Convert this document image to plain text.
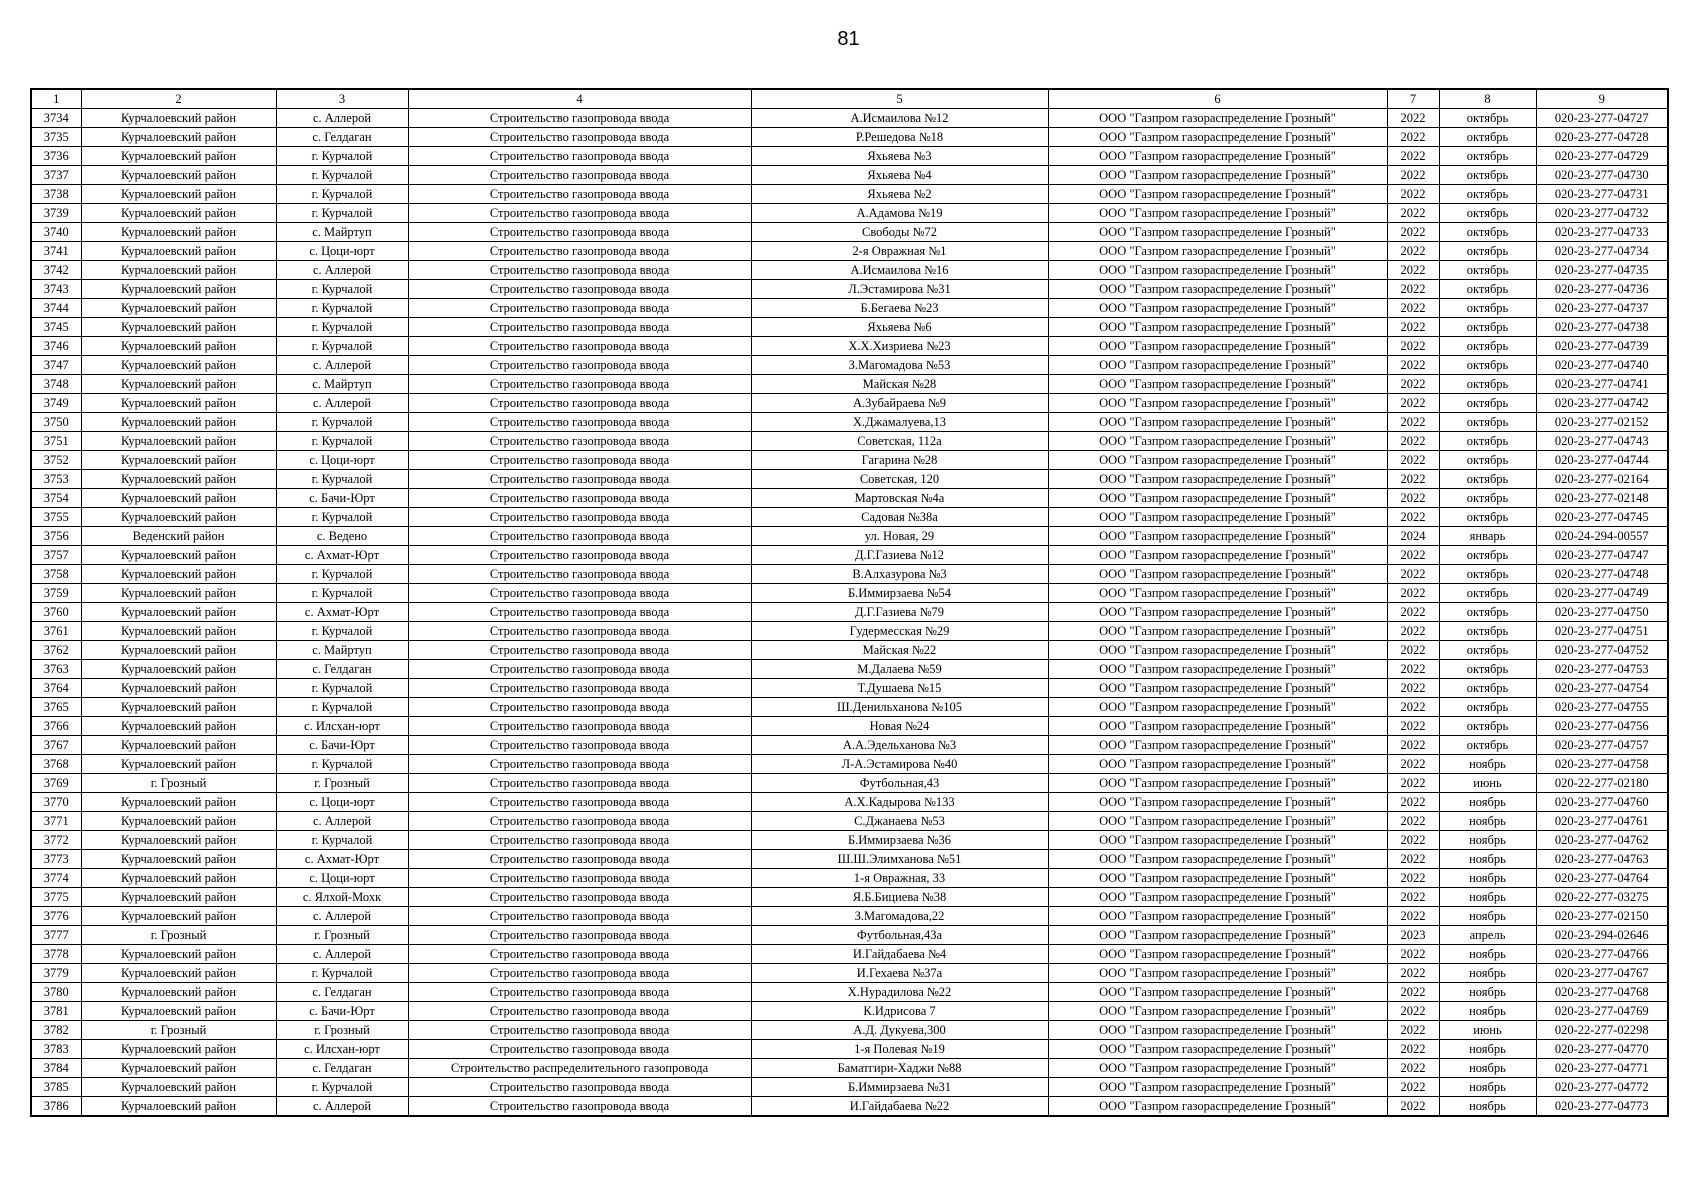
81
1	2	3	4	5	6	7	8	9
3734	Курчалоевский район	с. Аллерой	Строительство газопровода ввода	А.Исмаилова №12	ООО "Газпром газораспределение Грозный"	2022	октябрь	020-23-277-04727
3735	Курчалоевский район	с. Гелдаган	Строительство газопровода ввода	Р.Решедова №18	ООО "Газпром газораспределение Грозный"	2022	октябрь	020-23-277-04728
3736	Курчалоевский район	г. Курчалой	Строительство газопровода ввода	Яхьяева №3	ООО "Газпром газораспределение Грозный"	2022	октябрь	020-23-277-04729
3737	Курчалоевский район	г. Курчалой	Строительство газопровода ввода	Яхьяева №4	ООО "Газпром газораспределение Грозный"	2022	октябрь	020-23-277-04730
3738	Курчалоевский район	г. Курчалой	Строительство газопровода ввода	Яхьяева №2	ООО "Газпром газораспределение Грозный"	2022	октябрь	020-23-277-04731
3739	Курчалоевский район	г. Курчалой	Строительство газопровода ввода	А.Адамова №19	ООО "Газпром газораспределение Грозный"	2022	октябрь	020-23-277-04732
3740	Курчалоевский район	с. Майртуп	Строительство газопровода ввода	Свободы №72	ООО "Газпром газораспределение Грозный"	2022	октябрь	020-23-277-04733
3741	Курчалоевский район	с. Цоци-юрт	Строительство газопровода ввода	2-я Овражная №1	ООО "Газпром газораспределение Грозный"	2022	октябрь	020-23-277-04734
3742	Курчалоевский район	с. Аллерой	Строительство газопровода ввода	А.Исмаилова №16	ООО "Газпром газораспределение Грозный"	2022	октябрь	020-23-277-04735
3743	Курчалоевский район	г. Курчалой	Строительство газопровода ввода	Л.Эстамирова №31	ООО "Газпром газораспределение Грозный"	2022	октябрь	020-23-277-04736
3744	Курчалоевский район	г. Курчалой	Строительство газопровода ввода	Б.Бегаева №23	ООО "Газпром газораспределение Грозный"	2022	октябрь	020-23-277-04737
3745	Курчалоевский район	г. Курчалой	Строительство газопровода ввода	Яхьяева №6	ООО "Газпром газораспределение Грозный"	2022	октябрь	020-23-277-04738
3746	Курчалоевский район	г. Курчалой	Строительство газопровода ввода	Х.Х.Хизриева №23	ООО "Газпром газораспределение Грозный"	2022	октябрь	020-23-277-04739
3747	Курчалоевский район	с. Аллерой	Строительство газопровода ввода	З.Магомадова №53	ООО "Газпром газораспределение Грозный"	2022	октябрь	020-23-277-04740
3748	Курчалоевский район	с. Майртуп	Строительство газопровода ввода	Майская №28	ООО "Газпром газораспределение Грозный"	2022	октябрь	020-23-277-04741
3749	Курчалоевский район	с. Аллерой	Строительство газопровода ввода	А.Зубайраева №9	ООО "Газпром газораспределение Грозный"	2022	октябрь	020-23-277-04742
3750	Курчалоевский район	г. Курчалой	Строительство газопровода ввода	Х.Джамалуева,13	ООО "Газпром газораспределение Грозный"	2022	октябрь	020-23-277-02152
3751	Курчалоевский район	г. Курчалой	Строительство газопровода ввода	Советская, 112а	ООО "Газпром газораспределение Грозный"	2022	октябрь	020-23-277-04743
3752	Курчалоевский район	с. Цоци-юрт	Строительство газопровода ввода	Гагарина №28	ООО "Газпром газораспределение Грозный"	2022	октябрь	020-23-277-04744
3753	Курчалоевский район	г. Курчалой	Строительство газопровода ввода	Советская, 120	ООО "Газпром газораспределение Грозный"	2022	октябрь	020-23-277-02164
3754	Курчалоевский район	с. Бачи-Юрт	Строительство газопровода ввода	Мартовская №4а	ООО "Газпром газораспределение Грозный"	2022	октябрь	020-23-277-02148
3755	Курчалоевский район	г. Курчалой	Строительство газопровода ввода	Садовая №38а	ООО "Газпром газораспределение Грозный"	2022	октябрь	020-23-277-04745
3756	Веденский район	с. Ведено	Строительство газопровода ввода	ул. Новая, 29	ООО "Газпром газораспределение Грозный"	2024	январь	020-24-294-00557
3757	Курчалоевский район	с. Ахмат-Юрт	Строительство газопровода ввода	Д.Г.Газиева №12	ООО "Газпром газораспределение Грозный"	2022	октябрь	020-23-277-04747
3758	Курчалоевский район	г. Курчалой	Строительство газопровода ввода	В.Алхазурова №3	ООО "Газпром газораспределение Грозный"	2022	октябрь	020-23-277-04748
3759	Курчалоевский район	г. Курчалой	Строительство газопровода ввода	Б.Иммирзаева №54	ООО "Газпром газораспределение Грозный"	2022	октябрь	020-23-277-04749
3760	Курчалоевский район	с. Ахмат-Юрт	Строительство газопровода ввода	Д.Г.Газиева №79	ООО "Газпром газораспределение Грозный"	2022	октябрь	020-23-277-04750
3761	Курчалоевский район	г. Курчалой	Строительство газопровода ввода	Гудермесская №29	ООО "Газпром газораспределение Грозный"	2022	октябрь	020-23-277-04751
3762	Курчалоевский район	с. Майртуп	Строительство газопровода ввода	Майская №22	ООО "Газпром газораспределение Грозный"	2022	октябрь	020-23-277-04752
3763	Курчалоевский район	с. Гелдаган	Строительство газопровода ввода	М.Далаева №59	ООО "Газпром газораспределение Грозный"	2022	октябрь	020-23-277-04753
3764	Курчалоевский район	г. Курчалой	Строительство газопровода ввода	Т.Душаева №15	ООО "Газпром газораспределение Грозный"	2022	октябрь	020-23-277-04754
3765	Курчалоевский район	г. Курчалой	Строительство газопровода ввода	Ш.Денильханова №105	ООО "Газпром газораспределение Грозный"	2022	октябрь	020-23-277-04755
3766	Курчалоевский район	с. Илсхан-юрт	Строительство газопровода ввода	Новая №24	ООО "Газпром газораспределение Грозный"	2022	октябрь	020-23-277-04756
3767	Курчалоевский район	с. Бачи-Юрт	Строительство газопровода ввода	А.А.Эдельханова №3	ООО "Газпром газораспределение Грозный"	2022	октябрь	020-23-277-04757
3768	Курчалоевский район	г. Курчалой	Строительство газопровода ввода	Л-А.Эстамирова №40	ООО "Газпром газораспределение Грозный"	2022	ноябрь	020-23-277-04758
3769	г. Грозный	г. Грозный	Строительство газопровода ввода	Футбольная,43	ООО "Газпром газораспределение Грозный"	2022	июнь	020-22-277-02180
3770	Курчалоевский район	с. Цоци-юрт	Строительство газопровода ввода	А.Х.Кадырова №133	ООО "Газпром газораспределение Грозный"	2022	ноябрь	020-23-277-04760
3771	Курчалоевский район	с. Аллерой	Строительство газопровода ввода	С.Джанаева №53	ООО "Газпром газораспределение Грозный"	2022	ноябрь	020-23-277-04761
3772	Курчалоевский район	г. Курчалой	Строительство газопровода ввода	Б.Иммирзаева №36	ООО "Газпром газораспределение Грозный"	2022	ноябрь	020-23-277-04762
3773	Курчалоевский район	с. Ахмат-Юрт	Строительство газопровода ввода	Ш.Ш.Элимханова №51	ООО "Газпром газораспределение Грозный"	2022	ноябрь	020-23-277-04763
3774	Курчалоевский район	с. Цоци-юрт	Строительство газопровода ввода	1-я Овражная, 33	ООО "Газпром газораспределение Грозный"	2022	ноябрь	020-23-277-04764
3775	Курчалоевский район	с. Ялхой-Мохк	Строительство газопровода ввода	Я.Б.Бициева №38	ООО "Газпром газораспределение Грозный"	2022	ноябрь	020-22-277-03275
3776	Курчалоевский район	с. Аллерой	Строительство газопровода ввода	З.Магомадова,22	ООО "Газпром газораспределение Грозный"	2022	ноябрь	020-23-277-02150
3777	г. Грозный	г. Грозный	Строительство газопровода ввода	Футбольная,43а	ООО "Газпром газораспределение Грозный"	2023	апрель	020-23-294-02646
3778	Курчалоевский район	с. Аллерой	Строительство газопровода ввода	И.Гайдабаева №4	ООО "Газпром газораспределение Грозный"	2022	ноябрь	020-23-277-04766
3779	Курчалоевский район	г. Курчалой	Строительство газопровода ввода	И.Гехаева №37а	ООО "Газпром газораспределение Грозный"	2022	ноябрь	020-23-277-04767
3780	Курчалоевский район	с. Гелдаган	Строительство газопровода ввода	Х.Нурадилова №22	ООО "Газпром газораспределение Грозный"	2022	ноябрь	020-23-277-04768
3781	Курчалоевский район	с. Бачи-Юрт	Строительство газопровода ввода	К.Идрисова 7	ООО "Газпром газораспределение Грозный"	2022	ноябрь	020-23-277-04769
3782	г. Грозный	г. Грозный	Строительство газопровода ввода	А.Д. Дукуева,300	ООО "Газпром газораспределение Грозный"	2022	июнь	020-22-277-02298
3783	Курчалоевский район	с. Илсхан-юрт	Строительство газопровода ввода	1-я Полевая №19	ООО "Газпром газораспределение Грозный"	2022	ноябрь	020-23-277-04770
3784	Курчалоевский район	с. Гелдаган	Строительство распределительного газопровода	Баматгири-Хаджи №88	ООО "Газпром газораспределение Грозный"	2022	ноябрь	020-23-277-04771
3785	Курчалоевский район	г. Курчалой	Строительство газопровода ввода	Б.Иммирзаева №31	ООО "Газпром газораспределение Грозный"	2022	ноябрь	020-23-277-04772
3786	Курчалоевский район	с. Аллерой	Строительство газопровода ввода	И.Гайдабаева №22	ООО "Газпром газораспределение Грозный"	2022	ноябрь	020-23-277-04773
